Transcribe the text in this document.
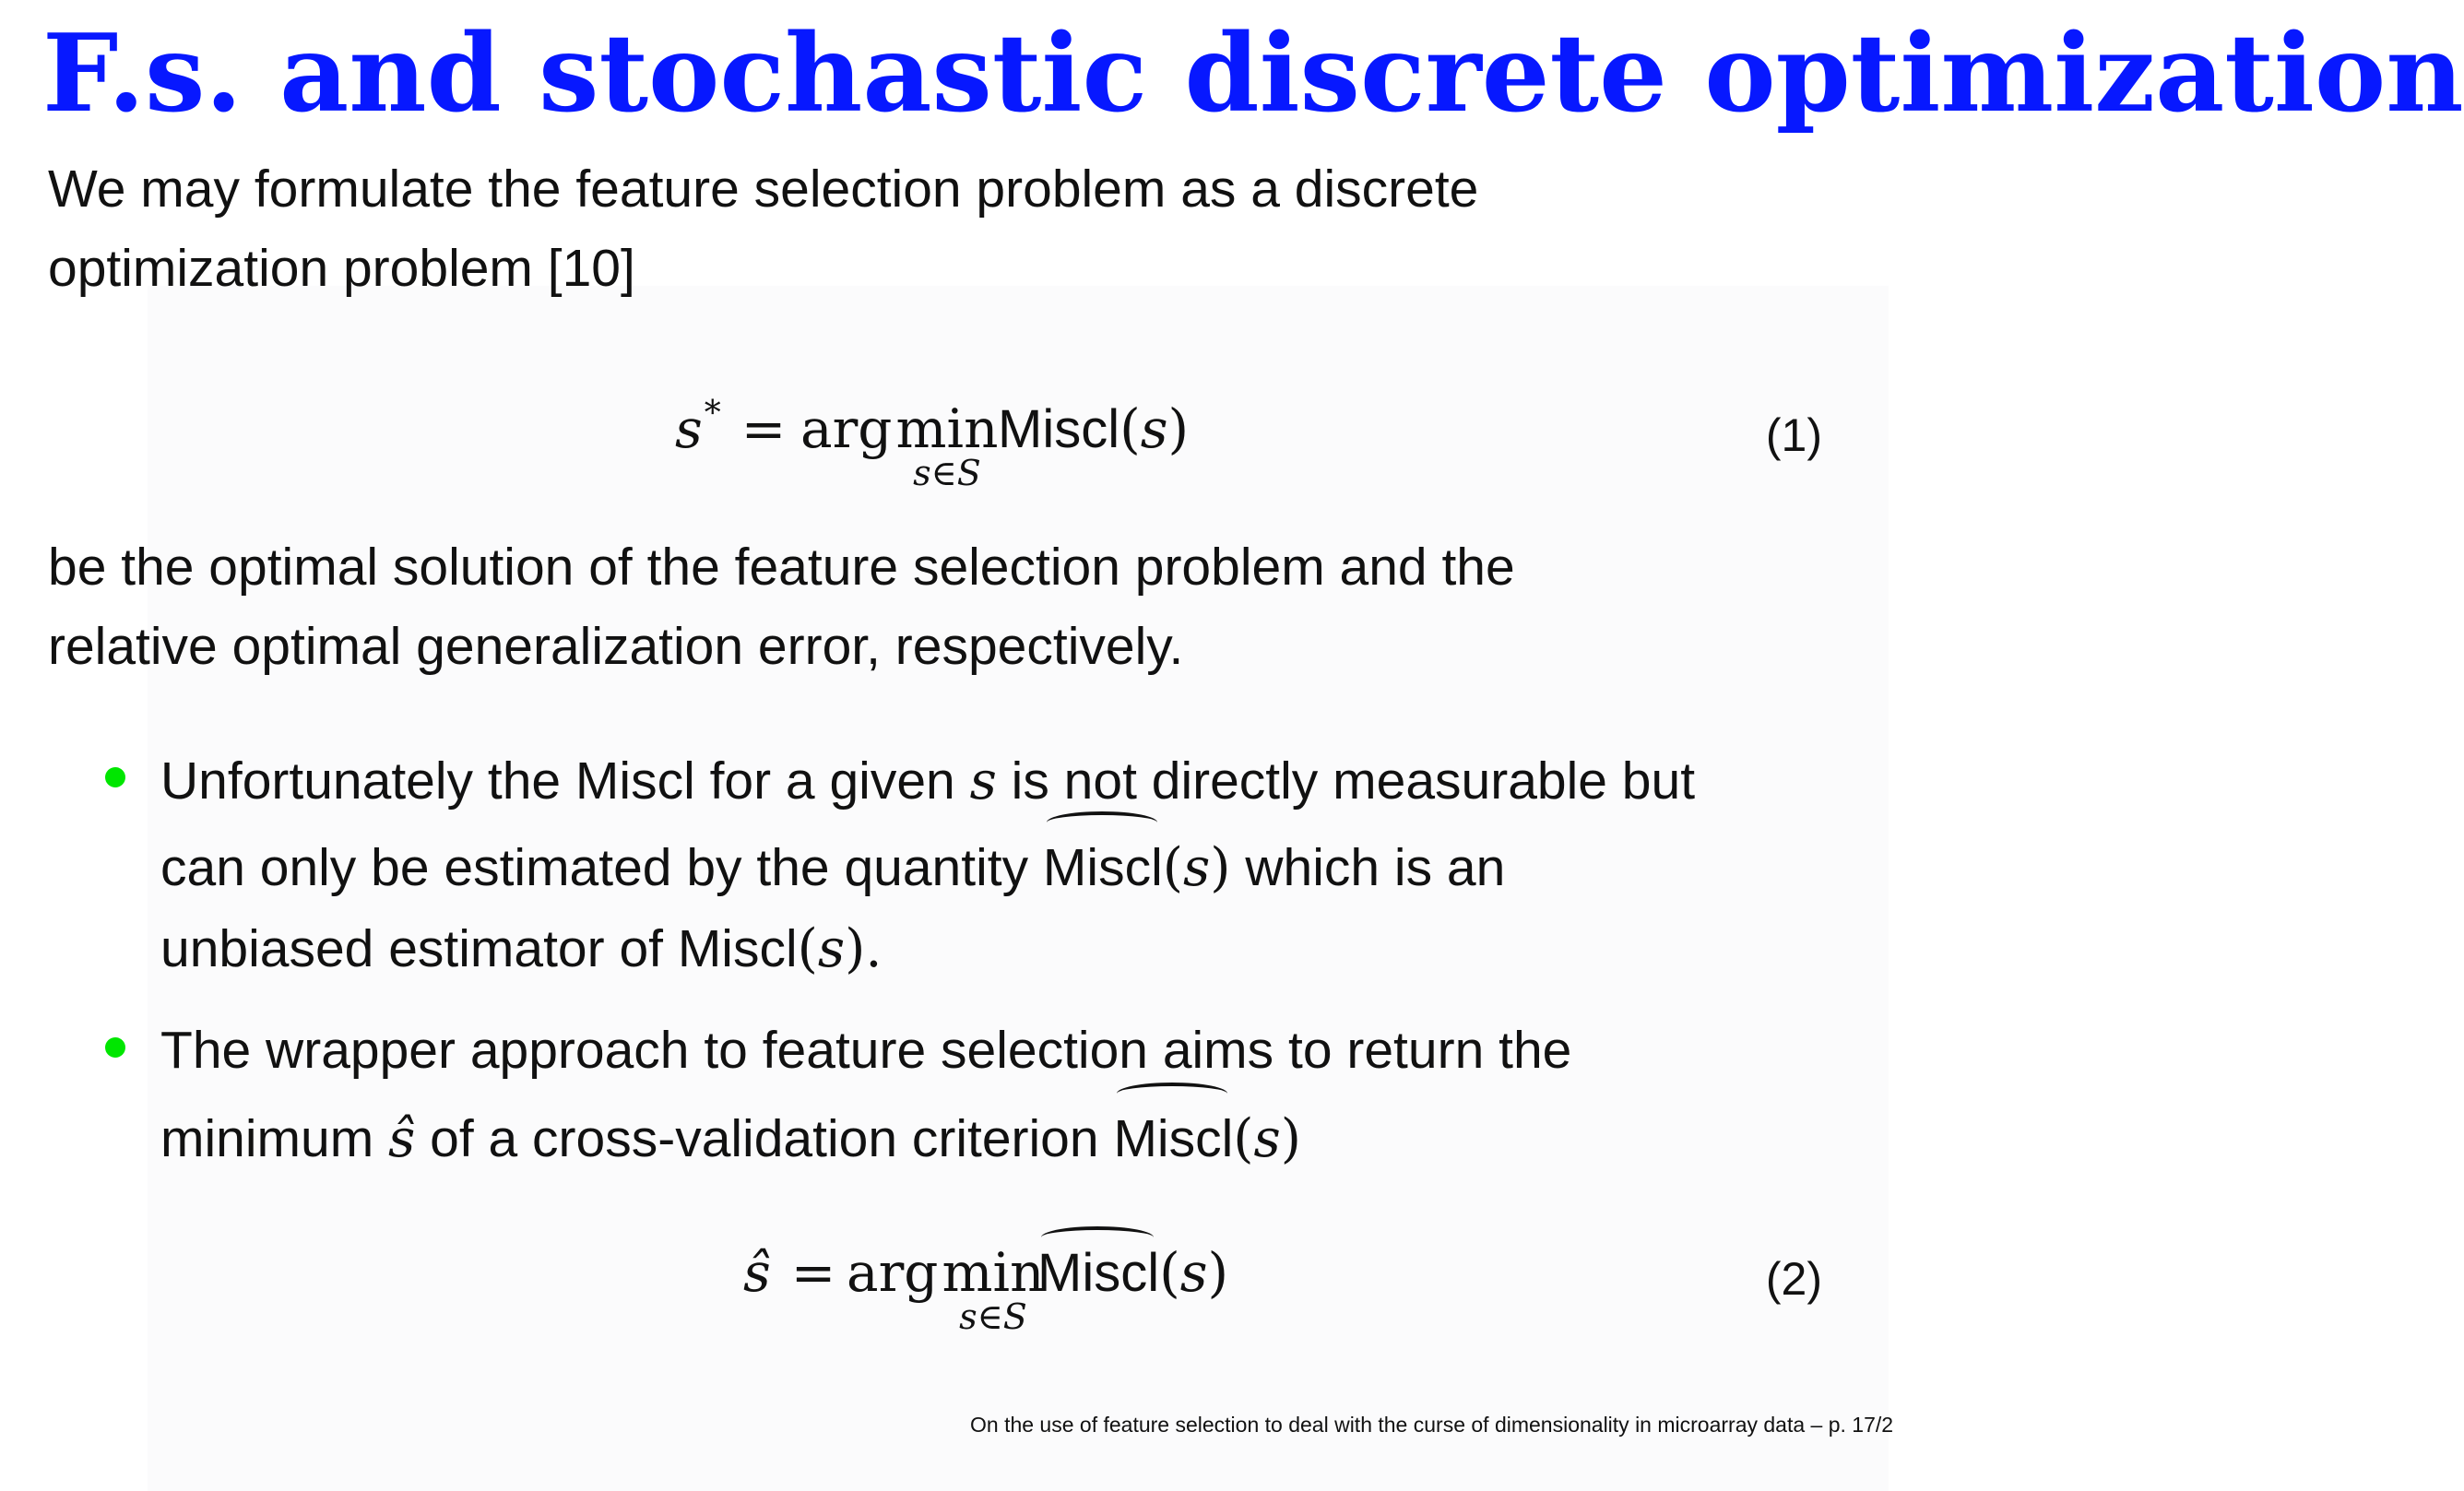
F.s. and stochastic discrete optimization
We may formulate the feature selection problem as a discrete
optimization problem [10]
s* = arg min
s∈S
Miscl(s)	(1)
be the optimal solution of the feature selection problem and the
relative optimal generalization error, respectively.
Unfortunately the Miscl for a given s is not directly measurable but
can only be estimated by the quantity
Miscl(s) which is an
unbiased estimator of Miscl(s).
The wrapper approach to feature selection aims to return the
minimum ŝ of a cross-validation criterion
Miscl(s)
ŝ = arg min
s∈S
Miscl(s)	(2)
On the use of feature selection to deal with the curse of dimensionality in microarray data – p. 17/2
